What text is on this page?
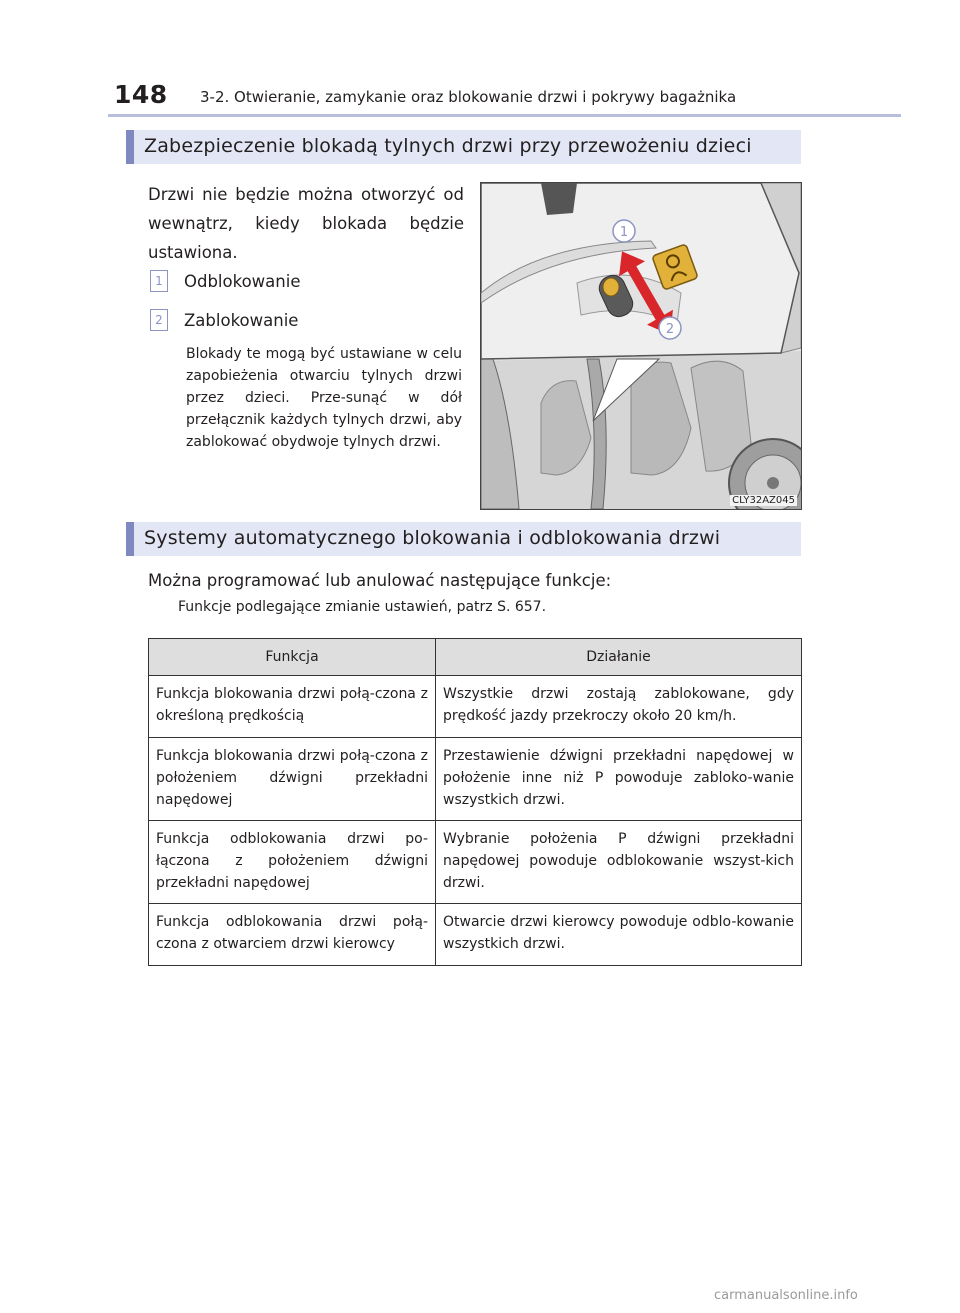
148 3-2. Otwieranie, zamykanie oraz blokowanie drzwi i pokrywy bagażnika
Zabezpieczenie blokadą tylnych drzwi przy przewożeniu dzieci
Drzwi nie będzie można otworzyć od wewnątrz, kiedy blokada będzie ustawiona.
1	Odblokowanie
2	Zablokowanie
Blokady te mogą być ustawiane w celu zapobieżenia otwarciu tylnych drzwi przez dzieci. Prze-sunąć w dół przełącznik każdych tylnych drzwi, aby zablokować obydwoje tylnych drzwi.
1
2
CLY32AZ045
Systemy automatycznego blokowania i odblokowania drzwi
Można programować lub anulować następujące funkcje:
Funkcje podlegające zmianie ustawień, patrz S. 657.
Funkcja	Działanie
Funkcja blokowania drzwi połą-czona z określoną prędkością	Wszystkie drzwi zostają zablokowane, gdy prędkość jazdy przekroczy około 20 km/h.
Funkcja blokowania drzwi połą-czona z położeniem dźwigni przekładni napędowej	Przestawienie dźwigni przekładni napędowej w położenie inne niż P powoduje zabloko-wanie wszystkich drzwi.
Funkcja odblokowania drzwi po-łączona z położeniem dźwigni przekładni napędowej	Wybranie położenia P dźwigni przekładni napędowej powoduje odblokowanie wszyst-kich drzwi.
Funkcja odblokowania drzwi połą-czona z otwarciem drzwi kierowcy	Otwarcie drzwi kierowcy powoduje odblo-kowanie wszystkich drzwi.
carmanualsonline.info
